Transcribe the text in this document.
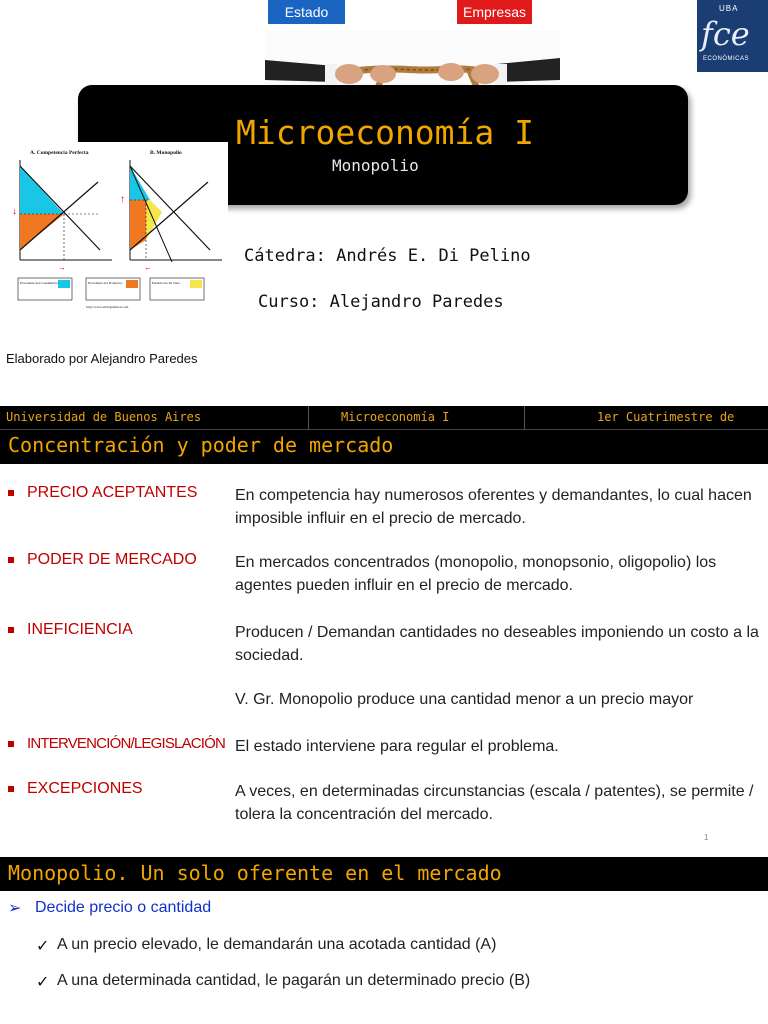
Estado	Empresas	UBA
fce
ECONÓMICAS
Microeconomía I
Monopolio
A. Competencia Perfecta	B. Monopolio
↓
→
↑
←
Excedente del Consumidor	Excedente del Productor	Pérdida Social Neta
http://www.elblogsalmon.com
Cátedra: Andrés E. Di Pelino
Curso: Alejandro Paredes
Elaborado por Alejandro Paredes
Universidad de Buenos Aires	Microeconomía I	1er Cuatrimestre de
Concentración y poder de mercado
PRECIO ACEPTANTES En competencia hay numerosos oferentes y demandantes, lo cual hacen imposible influir en el precio de mercado.
PODER DE MERCADO En mercados concentrados (monopolio, monopsonio, oligopolio) los agentes pueden influir en el precio de mercado.
INEFICIENCIA	Producen / Demandan cantidades no deseables imponiendo un costo a la sociedad.
V. Gr. Monopolio produce una cantidad menor a un precio mayor
INTERVENCIÓN/LEGISLACIÓN El estado interviene para regular el problema.
EXCEPCIONES	A veces, en determinadas circunstancias (escala / patentes), se permite / tolera la concentración del mercado.
1
Monopolio. Un solo oferente en el mercado
➢ Decide precio o cantidad
✓ A un precio elevado, le demandarán una acotada cantidad (A)
✓ A una determinada cantidad, le pagarán un determinado precio (B)
